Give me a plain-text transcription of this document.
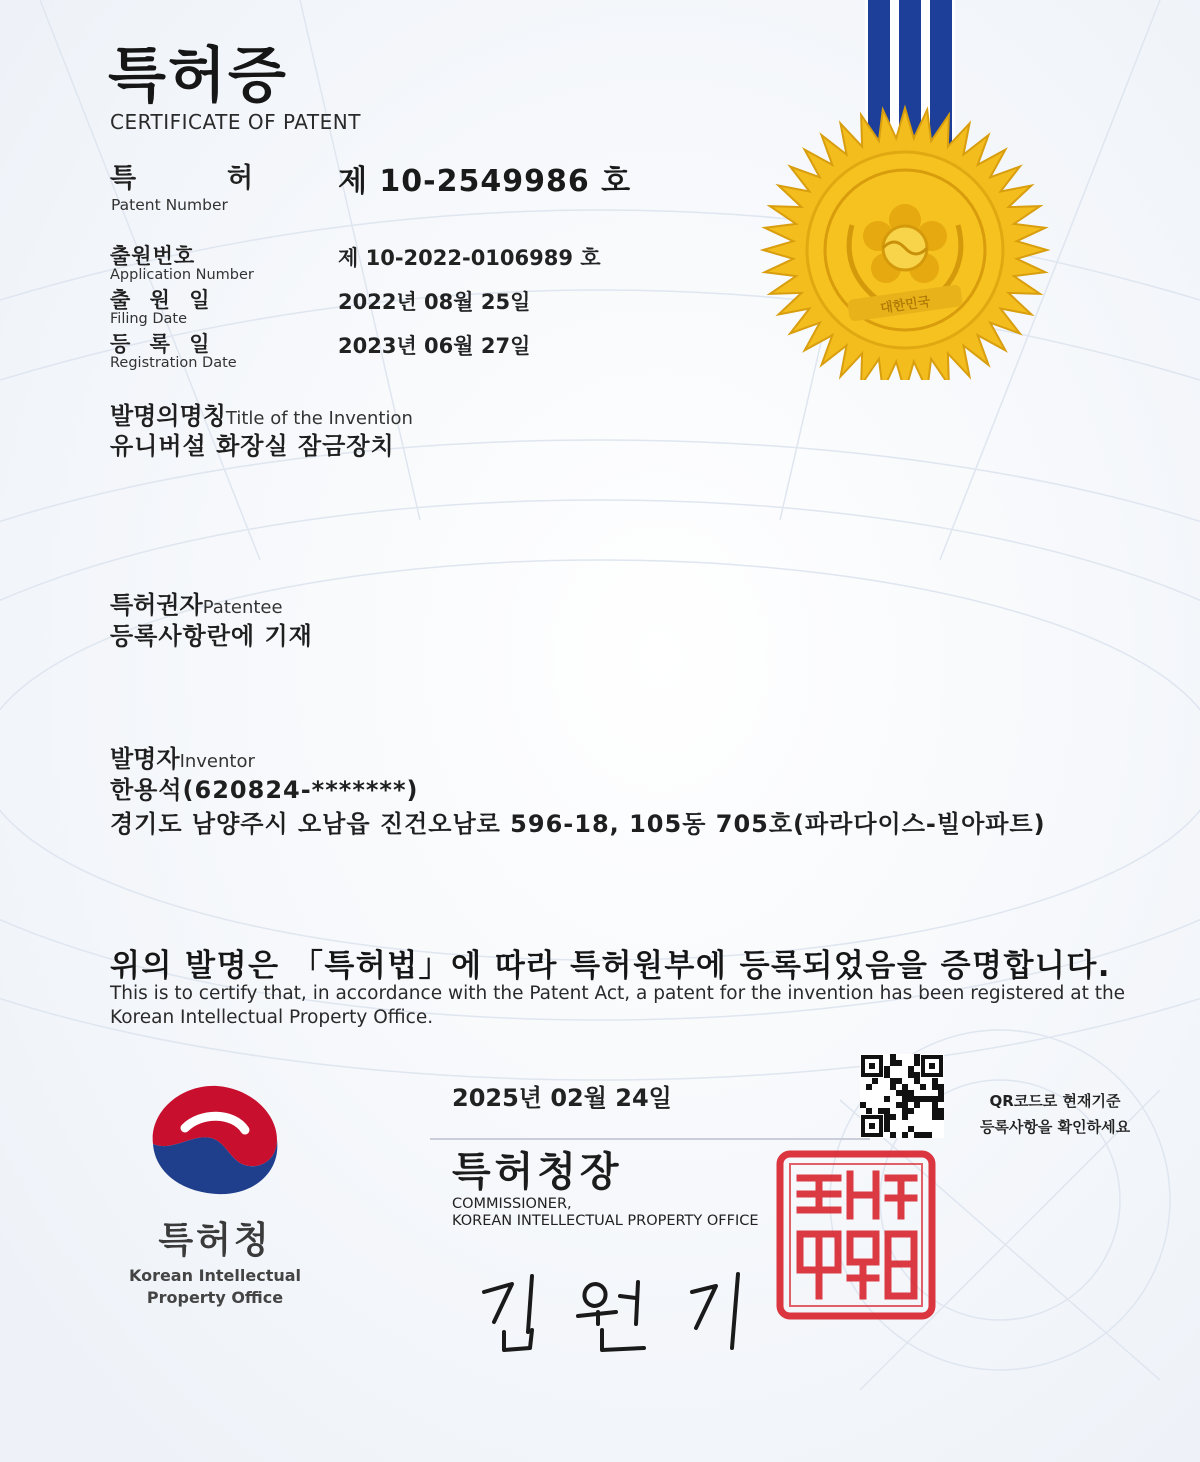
특허증
CERTIFICATE OF PATENT
특	허
Patent Number
제 10-2549986 호
출원번호
Application Number
제 10-2022-0106989 호
출 원 일
Filing Date
2022년 08월 25일
등 록 일
Registration Date
2023년 06월 27일
대한민국
발명의명칭Title of the Invention
유니버설 화장실 잠금장치
특허권자Patentee
등록사항란에 기재
발명자Inventor
한용석(620824-*******)
경기도 남양주시 오남읍 진건오남로 596-18, 105동 705호(파라다이스-빌아파트)
위의 발명은 「특허법」에 따라 특허원부에 등록되었음을 증명합니다.
This is to certify that, in accordance with the Patent Act, a patent for the invention has been registered at the Korean Intellectual Property Office.
특허청
Korean Intellectual
Property Office
2025년 02월 24일
특허청장
COMMISSIONER,
KOREAN INTELLECTUAL PROPERTY OFFICE
QR코드로 현재기준
등록사항을 확인하세요
